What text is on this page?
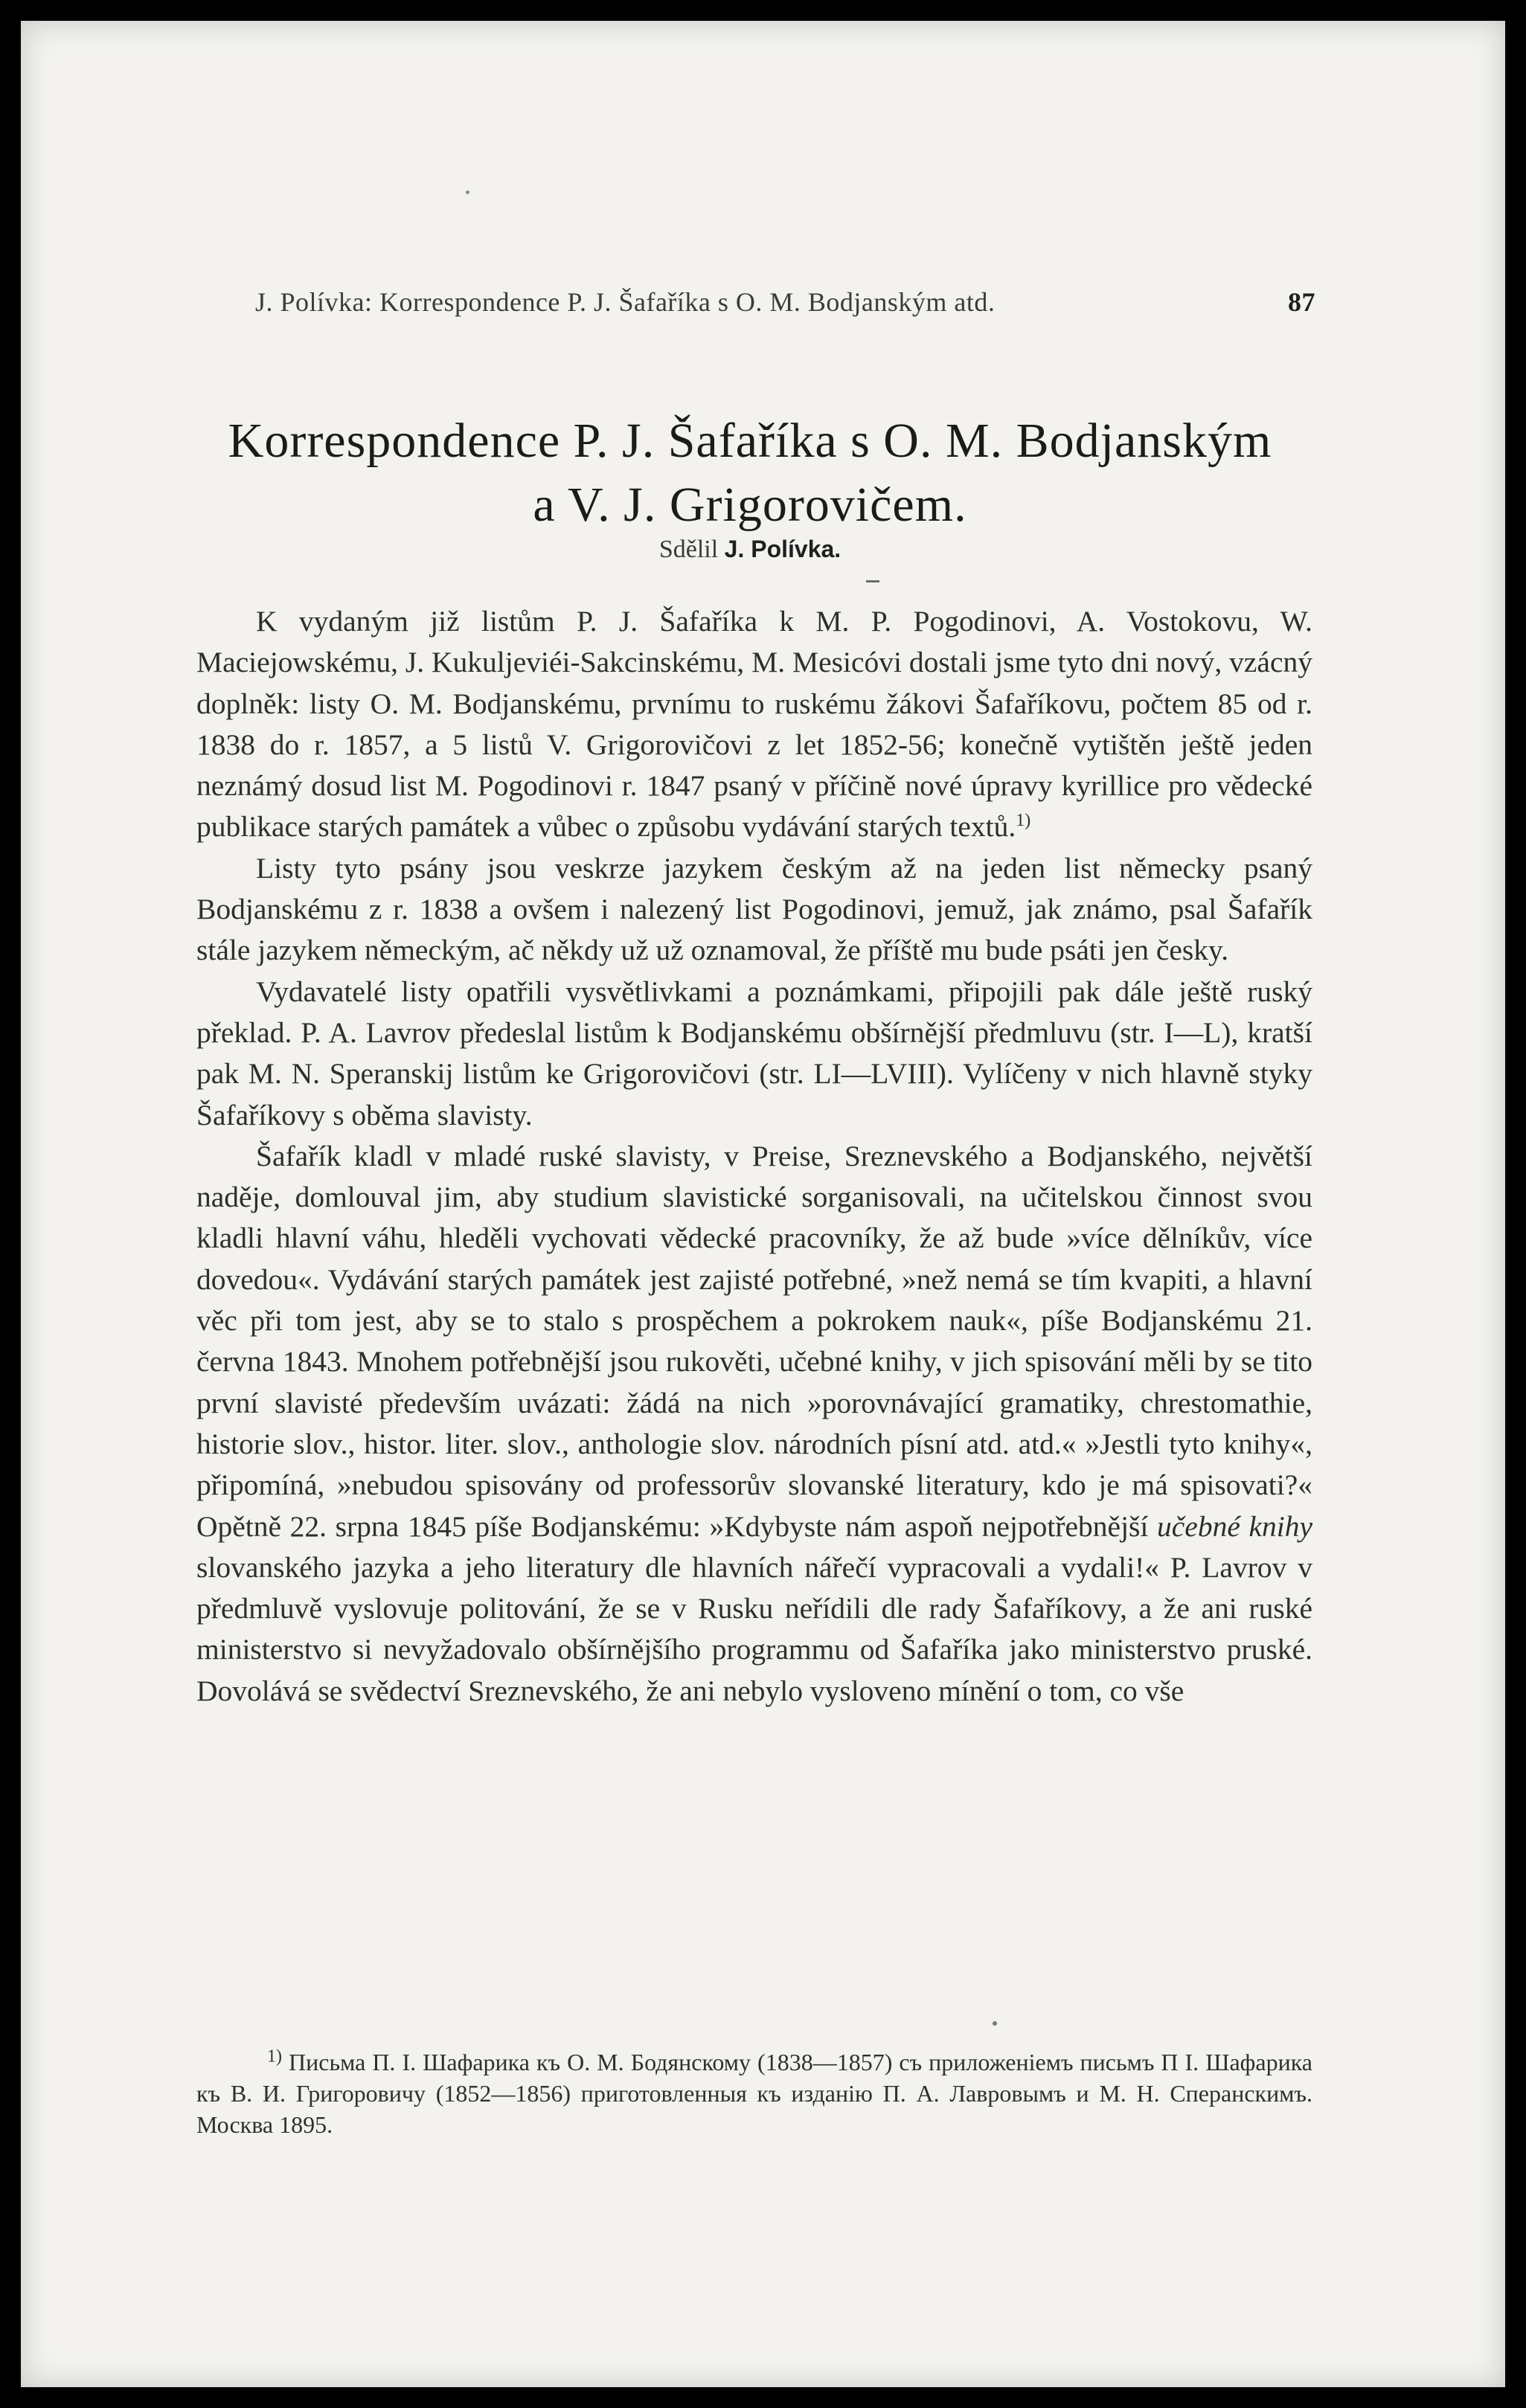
J. Polívka: Korrespondence P. J. Šafaříka s O. M. Bodjanským atd.	87
Korrespondence P. J. Šafaříka s O. M. Bodjanským
a V. J. Grigorovičem.
Sdělil J. Polívka.

K vydaným již listům P. J. Šafaříka k M. P. Pogodinovi, A. Vostokovu, W. Maciejowskému, J. Kukuljeviéi-Sakcinskému, M. Mesicóvi dostali jsme tyto dni nový, vzácný doplněk: listy O. M. Bodjanskému, prvnímu to ruskému žákovi Šafaříkovu, počtem 85 od r. 1838 do r. 1857, a 5 listů V. Grigorovičovi z let 1852-56; konečně vytištěn ještě jeden neznámý dosud list M. Pogodinovi r. 1847 psaný v příčině nové úpravy kyrillice pro vědecké publikace starých památek a vůbec o způsobu vydávání starých textů.$^{1)}$

Listy tyto psány jsou veskrze jazykem českým až na jeden list německy psaný Bodjanskému z r. 1838 a ovšem i nalezený list Pogodinovi, jemuž, jak známo, psal Šafařík stále jazykem německým, ač někdy už už oznamoval, že příště mu bude psáti jen česky.

Vydavatelé listy opatřili vysvětlivkami a poznámkami, připojili pak dále ještě ruský překlad. P. A. Lavrov předeslal listům k Bodjanskému obšírnější předmluvu (str. I—L), kratší pak M. N. Speranskij listům ke Grigorovičovi (str. LI—LVIII). Vylíčeny v nich hlavně styky Šafaříkovy s oběma slavisty.

Šafařík kladl v mladé ruské slavisty, v Preise, Sreznevského a Bodjanského, největší naděje, domlouval jim, aby studium slavistické sorganisovali, na učitelskou činnost svou kladli hlavní váhu, hleděli vychovati vědecké pracovníky, že až bude »více dělníkův, více dovedou«. Vydávání starých památek jest zajisté potřebné, »než nemá se tím kvapiti, a hlavní věc při tom jest, aby se to stalo s prospěchem a pokrokem nauk«, píše Bodjanskému 21. června 1843. Mnohem potřebnější jsou rukověti, učebné knihy, v jich spisování měli by se tito první slavisté především uvázati: žádá na nich »porovnávající gramatiky, chrestomathie, historie slov., histor. liter. slov., anthologie slov. národních písní atd. atd.« »Jestli tyto knihy«, připomíná, »nebudou spisovány od professorův slovanské literatury, kdo je má spisovati?« Opětně 22. srpna 1845 píše Bodjanskému: »Kdybyste nám aspoň nejpotřebnější učebné knihy slovanského jazyka a jeho literatury dle hlavních nářečí vypracovali a vydali!« P. Lavrov v předmluvě vyslovuje politování, že se v Rusku neřídili dle rady Šafaříkovy, a že ani ruské ministerstvo si nevyžadovalo obšírnějšího programmu od Šafaříka jako ministerstvo pruské. Dovolává se svědectví Sreznevského, že ani nebylo vysloveno mínění o tom, co vše

$^{1)}$ Письма П. І. Шафарика къ О. М. Бодянскому (1838—1857) съ приложеніемъ письмъ П І. Шафарика къ В. И. Григоровичу (1852—1856) приготовленныя къ изданію П. А. Лавровымъ и М. Н. Сперанскимъ. Москва 1895.
